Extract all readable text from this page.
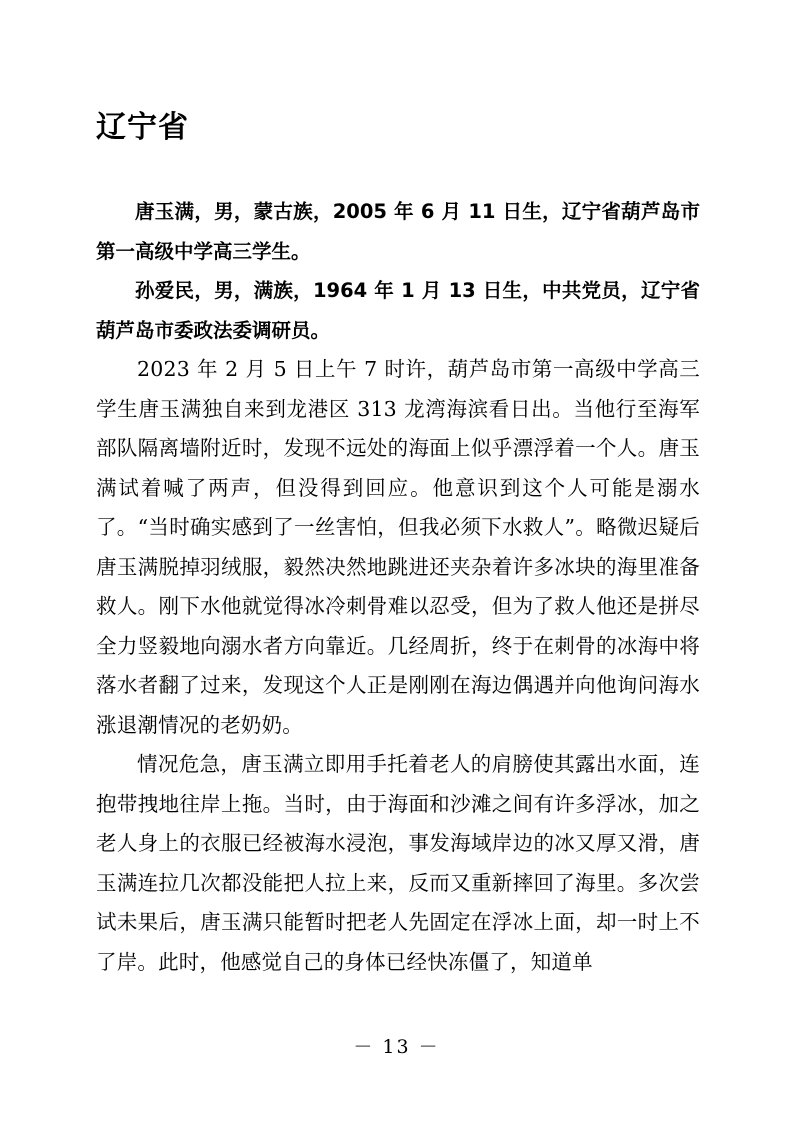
辽宁省

唐玉满，男，蒙古族，2005 年 6 月 11 日生，辽宁省葫芦岛市第一高级中学高三学生。

孙爱民，男，满族，1964 年 1 月 13 日生，中共党员，辽宁省葫芦岛市委政法委调研员。

2023 年 2 月 5 日上午 7 时许，葫芦岛市第一高级中学高三学生唐玉满独自来到龙港区 313 龙湾海滨看日出。当他行至海军部队隔离墙附近时，发现不远处的海面上似乎漂浮着一个人。唐玉满试着喊了两声，但没得到回应。他意识到这个人可能是溺水了。“当时确实感到了一丝害怕，但我必须下水救人”。略微迟疑后唐玉满脱掉羽绒服，毅然决然地跳进还夹杂着许多冰块的海里准备救人。刚下水他就觉得冰冷刺骨难以忍受，但为了救人他还是拼尽全力竖毅地向溺水者方向靠近。几经周折，终于在刺骨的冰海中将落水者翻了过来，发现这个人正是刚刚在海边偶遇并向他询问海水涨退潮情况的老奶奶。

情况危急，唐玉满立即用手托着老人的肩膀使其露出水面，连抱带拽地往岸上拖。当时，由于海面和沙滩之间有许多浮冰，加之老人身上的衣服已经被海水浸泡，事发海域岸边的冰又厚又滑，唐玉满连拉几次都没能把人拉上来，反而又重新摔回了海里。多次尝试未果后，唐玉满只能暂时把老人先固定在浮冰上面，却一时上不了岸。此时，他感觉自己的身体已经快冻僵了，知道单

－ 13 －
